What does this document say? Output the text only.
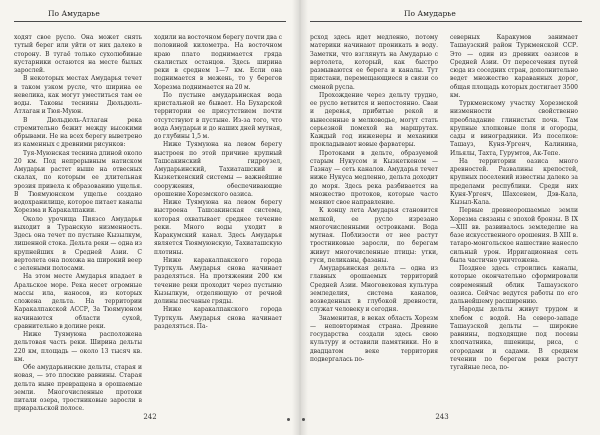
По Амударье

ходят свое русло. Она может снять тутый берег или уйти от них далеко в сторону. В тугаё только сухолюбивые кустарники остаются на месте былых зарослей.

В некоторых местах Амударья течет в таком узком русле, что ширина ее невелика, как могут уместиться там ее воды. Таковы теснины Дюльдюль-Атлаган и Тюя-Муюн.

В Дюльдюль-Атлаган река стремительно бежит между высокими обрывами. Не на всех берегу выветрено из каменных с древними рисунков:

Туя-Муюнская теснина длиной около 20 км. Под непрерывным натиском Амударьи растет выше на отвесных скалах, по которым ее длительная эрозия привела к образованию ущелья. В Тюямуюнском ущелье создано водохранилище, которое питает каналы Хорезма и Каракалпакии.

Около урочища Пиязсо Амударья выходит в Туранскую низменность. Здесь она течет по пустыне Кызылкум, лишенной стока. Дельта реки — одна из крупнейших в Средней Азии. С вертолета она похожа на широкий веер с зелеными полосами.

На этом месте Амударья впадает в Аральское море. Река несет огромные массы ила, наносов, из которых сложена дельта. На территории Каракалпакской АССР, За Тюямуюном начинаются области сухой, сравнительно в долине реки.

Ниже Туямуюна расположена дельтовая часть реки. Ширина дельты 220 км, площадь — около 13 тысяч кв. км.

Обе амударьинские дельты, старая и новая, — это плоские равнины. Старая дельта ныне превращена в орошаемые земли. Многочисленные протоки питали озера, тростниковые заросли в приаральской полосе.

ходили на восточном берегу почти два с половиной километра. На восточном краю плато поднимается гряда скалистых останцов. Здесь ширина реки в среднем 1—7 км. Если она поднимается в межень, то у берегов Хорезма поднимается на 20 м.

По пустыне амударьинская вода кристальной не бывает. На Бухарской территории ее присутствием почти отсутствуют в пустыне. Из-за того, что вода Амударьи и до наших дней мутная, до глубины 1,5 м.

Ниже Туямуюна на левом берегу выстроен по этой причине крупный Ташсакинский гидроузел, Амударьинский, Тахиаташский и Кызкеткенский системы — важнейшие сооружения, обеспечивающие орошение Хорезмского оазиса.

Ниже Туямуюна на левом берегу выстроена Ташсакинская система, которая охватывает среднее течение реки. Много воды уходит в Каракумский канал. Здесь Амударья является Тюямуюнскую, Тахиаташскую плотины.

Ниже каракалпакского города Турткуль Амударья снова начинает разделяться. На протяжении 200 км течение реки проходит через пустыню Кызылкум, отделяющую от речной долины песчаные гряды.

Ниже каракалпакского города Турткуль Амударья снова начинает разделяться. Па-

242
По Амударье

рсход здесь идет медленно, потому материки начинают проникать в воду. Заметки, что взглянуть на Амударью с вертолета, который, как быстро размываются ее берега и каналы. Тут пристани, перемещающиеся в связи со сменой русла.

Прохождение через дельту трудно, ее русло ветвится и непостоянно. Сваи и деревья, прибитые рекой и вынесенные в мелководье, могут стать серьезной помехой на маршрутах. Каждый год инженеры и механики прокладывают новые фарватеры.

Протоками в дельте, образуемой старым Нукусом и Кызкеткеном — Газнау — сеть каналов. Амударья течет ниже Нукуса медленно, дельта доходит до моря. Здесь река разбивается на множество протоков, которые часто меняют свое направление.

К концу лета Амударья становится мелкой, ее русло изрезано многочисленными островками. Вода мутная. Поблизости от нее растут тростниковые заросли, по берегам живут многочисленные птицы: утки, гуси, пеликаны, фазаны.

Амударьинская дельта — одна из главных орошаемых территорий Средней Азии. Многовековая культура земледелия, система каналов, возведенных в глубокой древности, служат человеку и сегодня.

Знаменитая, в веках область Хорезм — неповторимая страна. Древние государства создали здесь свою культуру и оставили памятники. Но в двадцатом веке территория подвергалась по-

северных Каракумов занимает Ташаузский район Туркменской ССР. Это — один из древних оазисов в Средней Азии. От пересечения путей сюда из соседних стран, дополнительно ведет множество караванных дорог, общая площадь которых достигает 3500 км.

Туркменскому участку Хорезмской низменности свойственно преобладание глинистых почв. Там крупные хлопковые поля и огороды, сады и виноградники. Из поселков: Ташауз, Куня-Ургенч, Калинина, Ильялы, Тахта, Гурумтов, Ак-Тепе.

На территории оазиса много древностей. Развалины крепостей, крупных поселений известны далеко за пределами республики. Среди них Куня-Ургенч, Шахсенем, Дэв-Кала, Кызыл-Кала.

Первые древнеорошаемые земли Хорезма связаны с эпохой бронзы. В IX—XIII вв. развивалось земледелие на базе искусственного орошения. В XIII в. татаро-монгольское нашествие нанесло сильный урон. Ирригационная сеть была частично уничтожена.

Позднее здесь строились каналы, которые окончательно сформировали современный облик Ташаузского оазиса. Сейчас ведутся работы по его дальнейшему расширению.

Народы дельты живут трудом и хлебом с водой. На северо-западе Ташаузской дельты — широкие равнины, подходящие под посевы хлопчатника, пшеницы, риса, с огородами и садами. В среднем течении по берегам реки растут тугайные леса, по-

243
